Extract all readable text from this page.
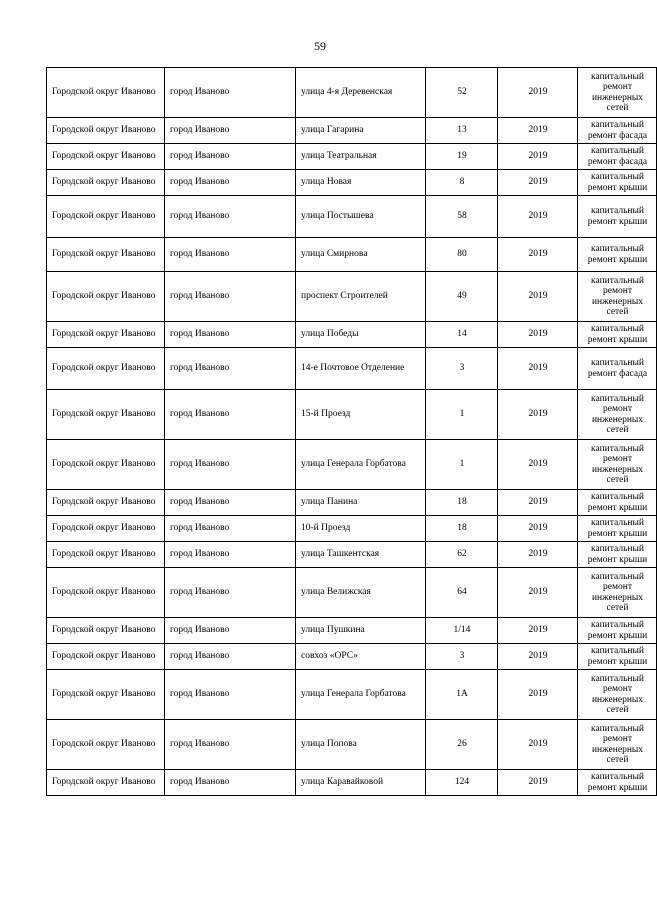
59
Городской округ Иваново	город Иваново	улица 4-я Деревенская	52	2019	капитальный ремонт инженерных сетей
Городской округ Иваново	город Иваново	улица Гагарина	13	2019	капитальный ремонт фасада
Городской округ Иваново	город Иваново	улица Театральная	19	2019	капитальный ремонт фасада
Городской округ Иваново	город Иваново	улица Новая	8	2019	капитальный ремонт крыши
Городской округ Иваново	город Иваново	улица Постышева	58	2019	капитальный ремонт крыши
Городской округ Иваново	город Иваново	улица Смирнова	80	2019	капитальный ремонт крыши
Городской округ Иваново	город Иваново	проспект Строителей	49	2019	капитальный ремонт инженерных сетей
Городской округ Иваново	город Иваново	улица Победы	14	2019	капитальный ремонт крыши
Городской округ Иваново	город Иваново	14-е Почтовое Отделение	3	2019	капитальный ремонт фасада
Городской округ Иваново	город Иваново	15-й Проезд	1	2019	капитальный ремонт инженерных сетей
Городской округ Иваново	город Иваново	улица Генерала Горбатова	1	2019	капитальный ремонт инженерных сетей
Городской округ Иваново	город Иваново	улица Панина	18	2019	капитальный ремонт крыши
Городской округ Иваново	город Иваново	10-й Проезд	18	2019	капитальный ремонт крыши
Городской округ Иваново	город Иваново	улица Ташкентская	62	2019	капитальный ремонт крыши
Городской округ Иваново	город Иваново	улица Велижская	64	2019	капитальный ремонт инженерных сетей
Городской округ Иваново	город Иваново	улица Пушкина	1/14	2019	капитальный ремонт крыши
Городской округ Иваново	город Иваново	совхоз «ОРС»	3	2019	капитальный ремонт крыши
Городской округ Иваново	город Иваново	улица Генерала Горбатова	1А	2019	капитальный ремонт инженерных сетей
Городской округ Иваново	город Иваново	улица Попова	26	2019	капитальный ремонт инженерных сетей
Городской округ Иваново	город Иваново	улица Каравайковой	124	2019	капитальный ремонт крыши
